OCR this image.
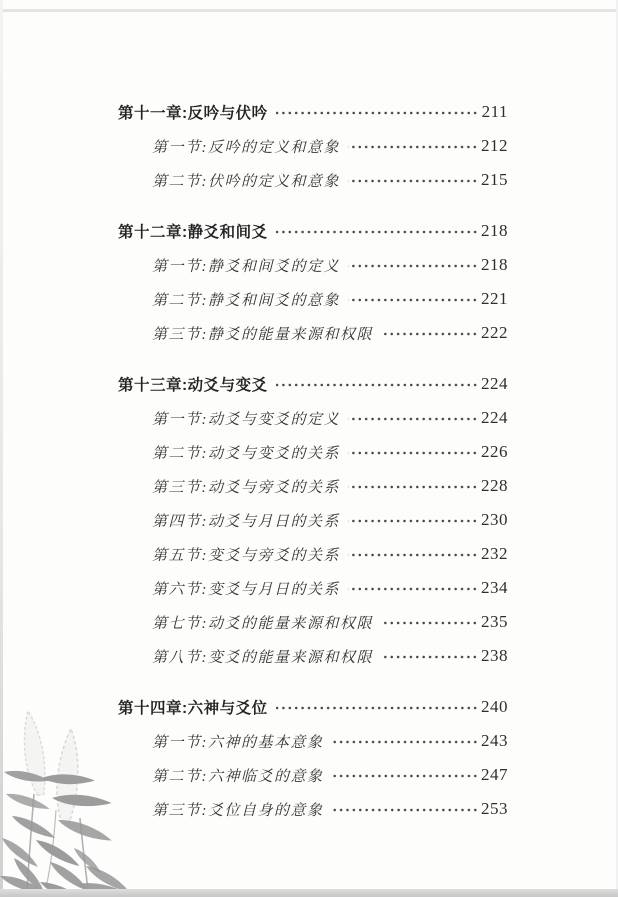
第十一章:反吟与伏吟	211
第一节:反吟的定义和意象	212
第二节:伏吟的定义和意象	215
第十二章:静爻和间爻	218
第一节:静爻和间爻的定义	218
第二节:静爻和间爻的意象	221
第三节:静爻的能量来源和权限	222
第十三章:动爻与变爻	224
第一节:动爻与变爻的定义	224
第二节:动爻与变爻的关系	226
第三节:动爻与旁爻的关系	228
第四节:动爻与月日的关系	230
第五节:变爻与旁爻的关系	232
第六节:变爻与月日的关系	234
第七节:动爻的能量来源和权限	235
第八节:变爻的能量来源和权限	238
第十四章:六神与爻位	240
第一节:六神的基本意象	243
第二节:六神临爻的意象	247
第三节:爻位自身的意象	253
